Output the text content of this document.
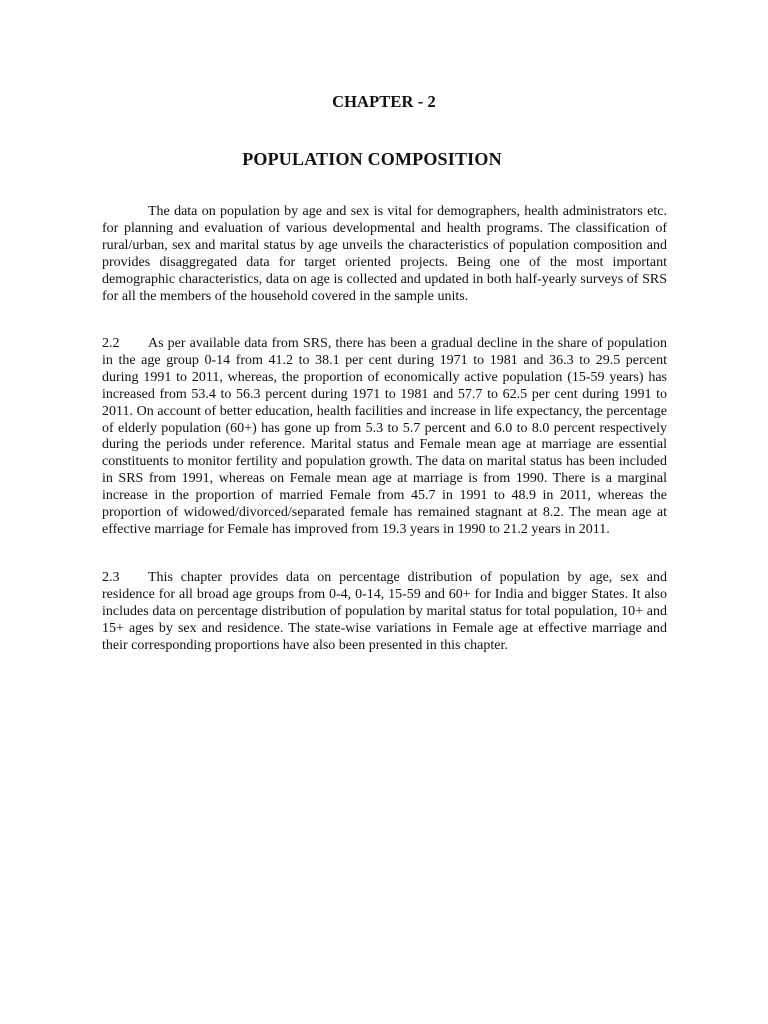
CHAPTER - 2
POPULATION COMPOSITION
The data on population by age and sex is vital for demographers, health administrators etc. for planning and evaluation of various developmental and health programs. The classification of rural/urban, sex and marital status by age unveils the characteristics of population composition and provides disaggregated data for target oriented projects. Being one of the most important demographic characteristics, data on age is collected and updated in both half-yearly surveys of SRS for all the members of the household covered in the sample units.
2.2 As per available data from SRS, there has been a gradual decline in the share of population in the age group 0-14 from 41.2 to 38.1 per cent during 1971 to 1981 and 36.3 to 29.5 percent during 1991 to 2011, whereas, the proportion of economically active population (15-59 years) has increased from 53.4 to 56.3 percent during 1971 to 1981 and 57.7 to 62.5 per cent during 1991 to 2011. On account of better education, health facilities and increase in life expectancy, the percentage of elderly population (60+) has gone up from 5.3 to 5.7 percent and 6.0 to 8.0 percent respectively during the periods under reference. Marital status and Female mean age at marriage are essential constituents to monitor fertility and population growth. The data on marital status has been included in SRS from 1991, whereas on Female mean age at marriage is from 1990. There is a marginal increase in the proportion of married Female from 45.7 in 1991 to 48.9 in 2011, whereas the proportion of widowed/divorced/separated female has remained stagnant at 8.2. The mean age at effective marriage for Female has improved from 19.3 years in 1990 to 21.2 years in 2011.
2.3 This chapter provides data on percentage distribution of population by age, sex and residence for all broad age groups from 0-4, 0-14, 15-59 and 60+ for India and bigger States. It also includes data on percentage distribution of population by marital status for total population, 10+ and 15+ ages by sex and residence. The state-wise variations in Female age at effective marriage and their corresponding proportions have also been presented in this chapter.
